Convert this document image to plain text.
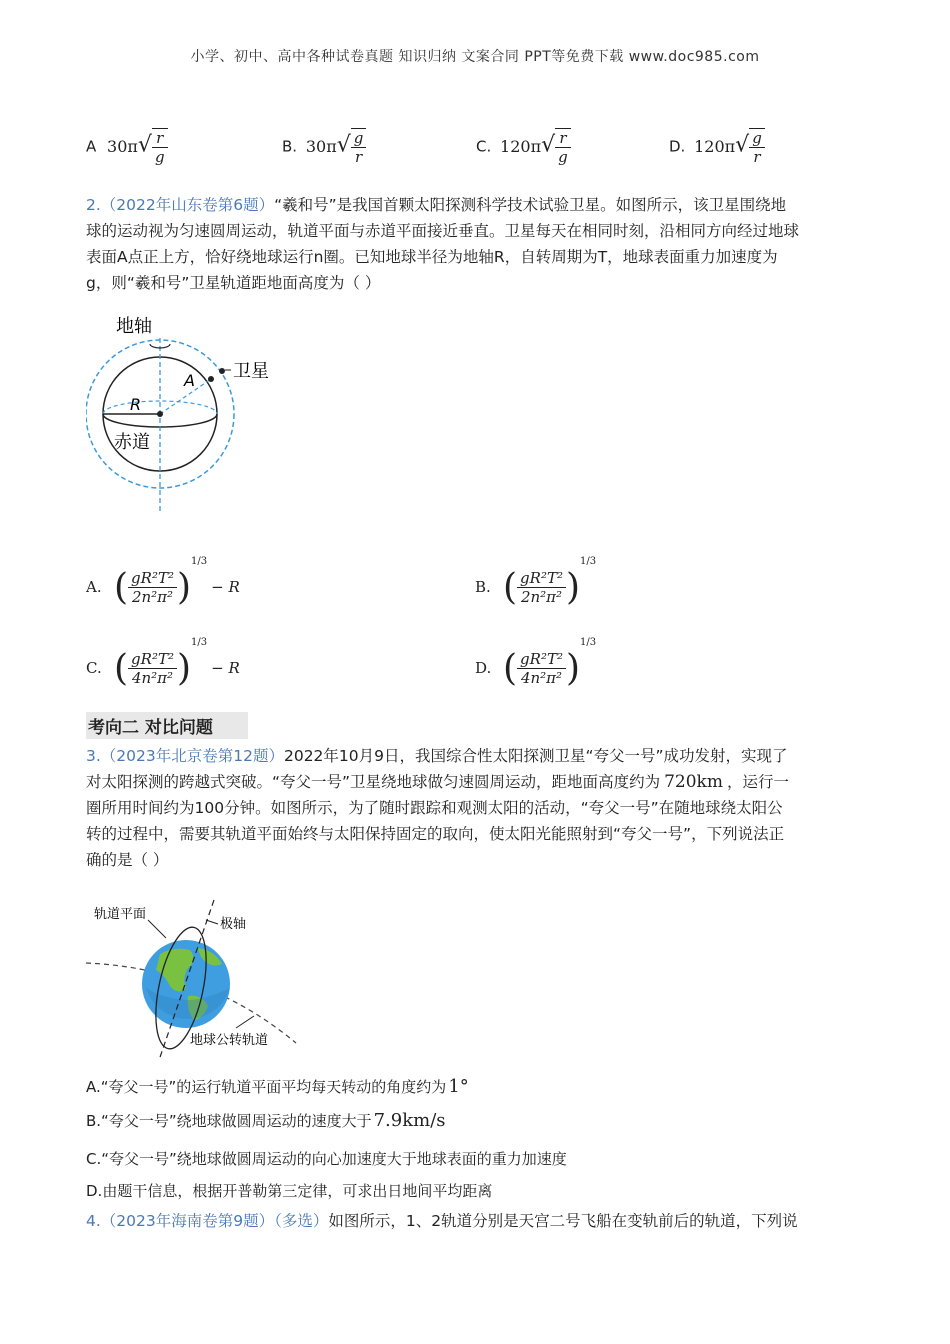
小学、初中、高中各种试卷真题 知识归纳 文案合同 PPT等免费下载 www.doc985.com
A $30\pi√ \frac{r}{g}$	B. $30\pi√ \frac{g}{r}$	C. $120\pi√ \frac{r}{g}$	D. $120\pi√ \frac{g}{r}$
2.（2022年山东卷第6题）“羲和号”是我国首颗太阳探测科学技术试验卫星。如图所示，该卫星围绕地
球的运动视为匀速圆周运动，轨道平面与赤道平面接近垂直。卫星每天在相同时刻，沿相同方向经过地球
表面A点正上方，恰好绕地球运行n圈。已知地球半径为地轴R，自转周期为T，地球表面重力加速度为
g，则“羲和号”卫星轨道距地面高度为（ ）
地轴
卫星
A
R
赤道
A. ( $\frac{\text{gR²T²}}{\text{2n²π²}} )^{1/3}- R$	B. ( $\frac{\text{gR²T²}}{\text{2n²π²}} )^{1/3}$
C. ( $\frac{\text{gR²T²}}{\text{4n²π²}} )^{1/3}- R$	D. ( $\frac{\text{gR²T²}}{\text{4n²π²}} )^{1/3}$
考向二 对比问题
3.（2023年北京卷第12题）2022年10月9日，我国综合性太阳探测卫星“夸父一号”成功发射，实现了
对太阳探测的跨越式突破。“夸父一号”卫星绕地球做匀速圆周运动，距地面高度约为 720km ，运行一
圈所用时间约为100分钟。如图所示，为了随时跟踪和观测太阳的活动，“夸父一号”在随地球绕太阳公
转的过程中，需要其轨道平面始终与太阳保持固定的取向，使太阳光能照射到“夸父一号”，下列说法正
确的是（ ）
轨道平面
极轴
地球公转轨道
A.“夸父一号”的运行轨道平面平均每天转动的角度约为 1°
B.“夸父一号”绕地球做圆周运动的速度大于 7.9km/s
C.“夸父一号”绕地球做圆周运动的向心加速度大于地球表面的重力加速度
D.由题干信息，根据开普勒第三定律，可求出日地间平均距离
4.（2023年海南卷第9题）（多选）如图所示，1、2轨道分别是天宫二号飞船在变轨前后的轨道，下列说
